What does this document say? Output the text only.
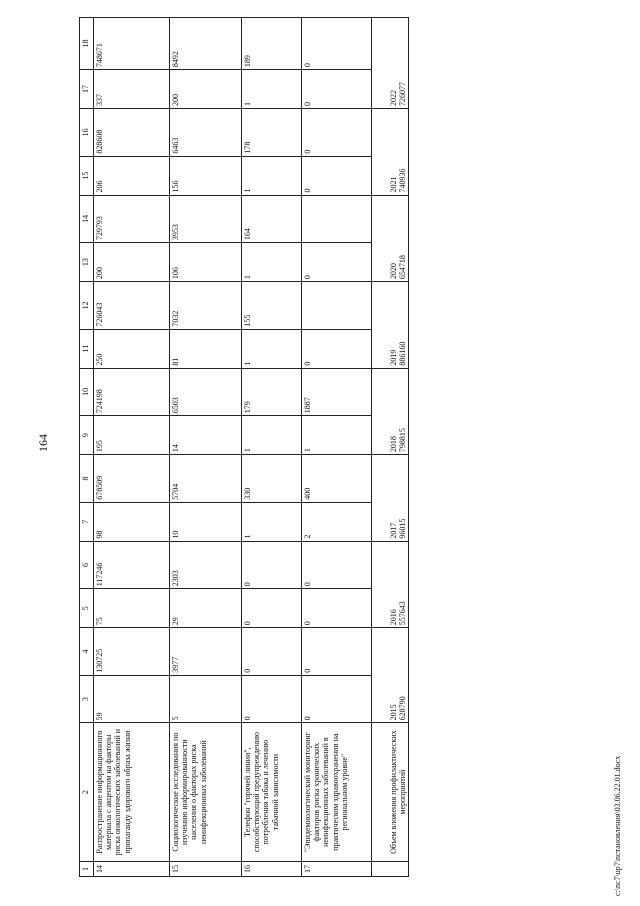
164
1	2	3	4	5	6	7	8	9	10	11	12	13	14	15	16	17	18
14	Распространение информационного материала с акцентом на факторы риска онкологических заболеваний и пропаганду здорового образа жизни	59	130725	75	117246	98	678509	195	724198	250	726043	200	729793	206	828608	337	748671
15	Социологические исследования по изучению информированности населения о факторах риска неинфекционных заболеваний	5	3977	29	2303	10	5704	14	6503	81	7032	106	3953	156	6463	200	8492
16	Телефон "горячей линии", способствующий предупреждению потребления табака и лечению табачной зависимости	0	0	0	0	1	330	1	179	1	155	1	164	1	178	1	189
17	"Эпидемиологический мониторинг факторов риска хронических неинфекционных заболеваний в практическом здравоохранении на региональном уровне"	0	0	0	0	2	400	1	1887	0		0		0	0	0	0
	Объем вложения профилактических мероприятий	2015 628790		2016 557643		2017 96015		2018 798815		2019 886160		2020 654718		2021 740936		2022 726077	
c:\nc7\up7\ncтановления\03.06.22.01.docx
